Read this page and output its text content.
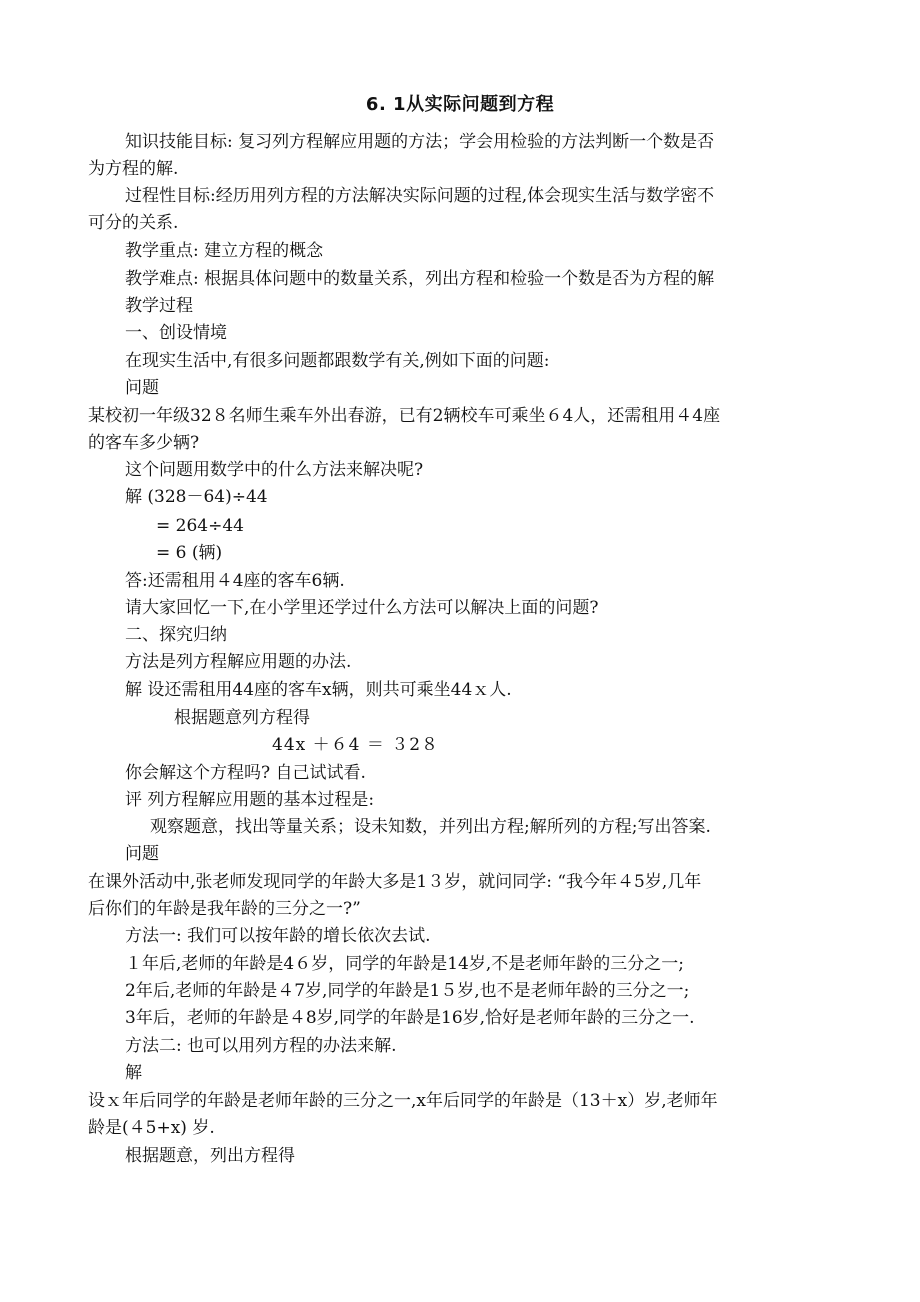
6. 1从实际问题到方程
知识技能目标: 复习列方程解应用题的方法；学会用检验的方法判断一个数是否
为方程的解.
过程性目标:经历用列方程的方法解决实际问题的过程,体会现实生活与数学密不
可分的关系.
教学重点: 建立方程的概念
教学难点: 根据具体问题中的数量关系，列出方程和检验一个数是否为方程的解
教学过程
一、创设情境
在现实生活中,有很多问题都跟数学有关,例如下面的问题:
问题
某校初一年级32８名师生乘车外出春游，已有2辆校车可乘坐６4人，还需租用４4座
的客车多少辆?
这个问题用数学中的什么方法来解决呢?
解 (328－64)÷44
= 264÷44
= 6 (辆)
答:还需租用４4座的客车6辆.
请大家回忆一下,在小学里还学过什么方法可以解决上面的问题?
二、探究归纳
方法是列方程解应用题的办法.
解 设还需租用44座的客车x辆，则共可乘坐44ｘ人.
根据题意列方程得
44x ＋６4 ＝ ３2８
你会解这个方程吗? 自己试试看.
评 列方程解应用题的基本过程是:
观察题意，找出等量关系；设未知数，并列出方程;解所列的方程;写出答案.
问题
在课外活动中,张老师发现同学的年龄大多是1３岁，就问同学: “我今年４5岁,几年
后你们的年龄是我年龄的三分之一?”
方法一: 我们可以按年龄的增长依次去试.
１年后,老师的年龄是4６岁，同学的年龄是14岁,不是老师年龄的三分之一;
2年后,老师的年龄是４7岁,同学的年龄是1５岁,也不是老师年龄的三分之一;
3年后，老师的年龄是４8岁,同学的年龄是16岁,恰好是老师年龄的三分之一.
方法二: 也可以用列方程的办法来解.
解
设ｘ年后同学的年龄是老师年龄的三分之一,x年后同学的年龄是（13＋x）岁,老师年
龄是(４5+x) 岁.
根据题意，列出方程得
